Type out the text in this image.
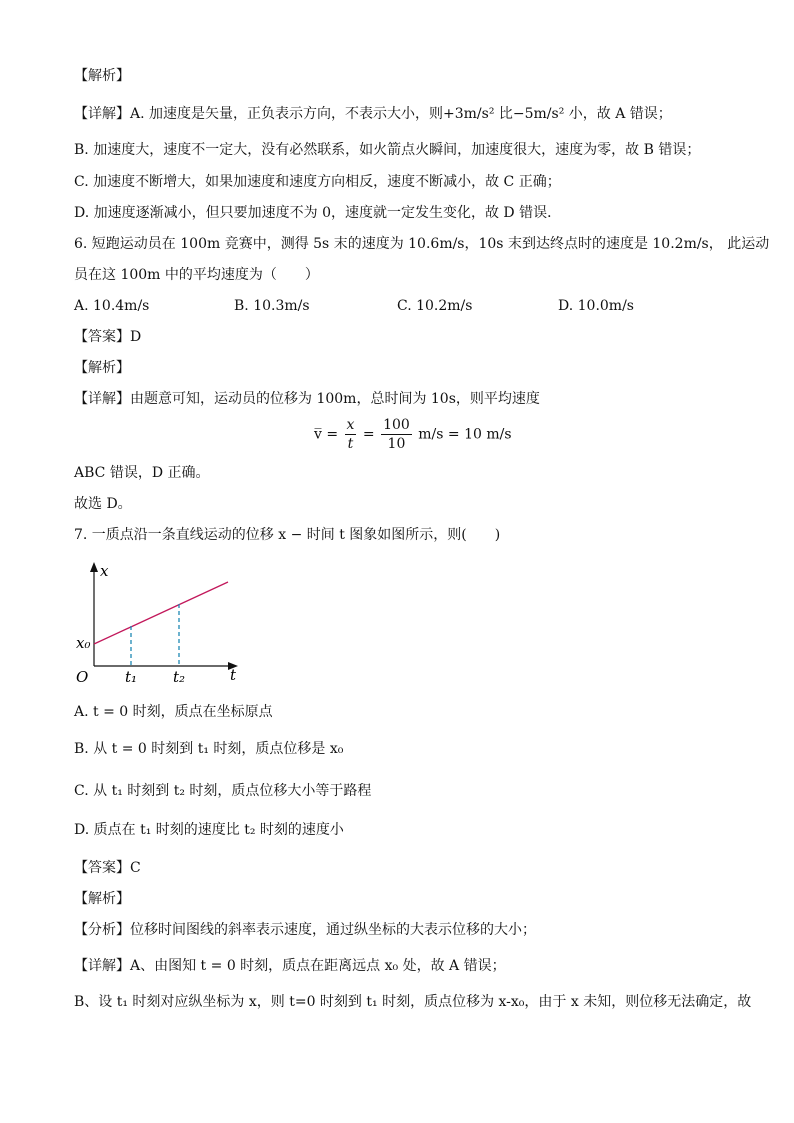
【解析】
【详解】A. 加速度是矢量，正负表示方向，不表示大小，则+3m/s² 比−5m/s² 小，故 A 错误；
B. 加速度大，速度不一定大，没有必然联系，如火箭点火瞬间，加速度很大，速度为零，故 B 错误；
C. 加速度不断增大，如果加速度和速度方向相反，速度不断减小，故 C 正确；
D. 加速度逐渐减小，但只要加速度不为 0，速度就一定发生变化，故 D 错误．
6. 短跑运动员在 100m 竞赛中，测得 5s 末的速度为 10.6m/s，10s 末到达终点时的速度是 10.2m/s， 此运动
员在这 100m 中的平均速度为（　　）
A. 10.4m/s	B. 10.3m/s	C. 10.2m/s	D. 10.0m/s
【答案】D
【解析】
【详解】由题意可知，运动员的位移为 100m，总时间为 10s，则平均速度
v̅ = $\frac{x}{t} = \frac{100}{10} m/s = 10$ m/s
ABC 错误，D 正确。
故选 D。
7. 一质点沿一条直线运动的位移 x − 时间 t 图象如图所示，则(　　)
x
t
O
x₀
t₁ t₂
A. t = 0 时刻，质点在坐标原点
B. 从 t = 0 时刻到 t₁ 时刻，质点位移是 x₀
C. 从 t₁ 时刻到 t₂ 时刻，质点位移大小等于路程
D. 质点在 t₁ 时刻的速度比 t₂ 时刻的速度小
【答案】C
【解析】
【分析】位移时间图线的斜率表示速度，通过纵坐标的大表示位移的大小；
【详解】A、由图知 t = 0 时刻，质点在距离远点 x₀ 处，故 A 错误；
B、设 t₁ 时刻对应纵坐标为 x，则 t=0 时刻到 t₁ 时刻，质点位移为 x-x₀，由于 x 未知，则位移无法确定，故
